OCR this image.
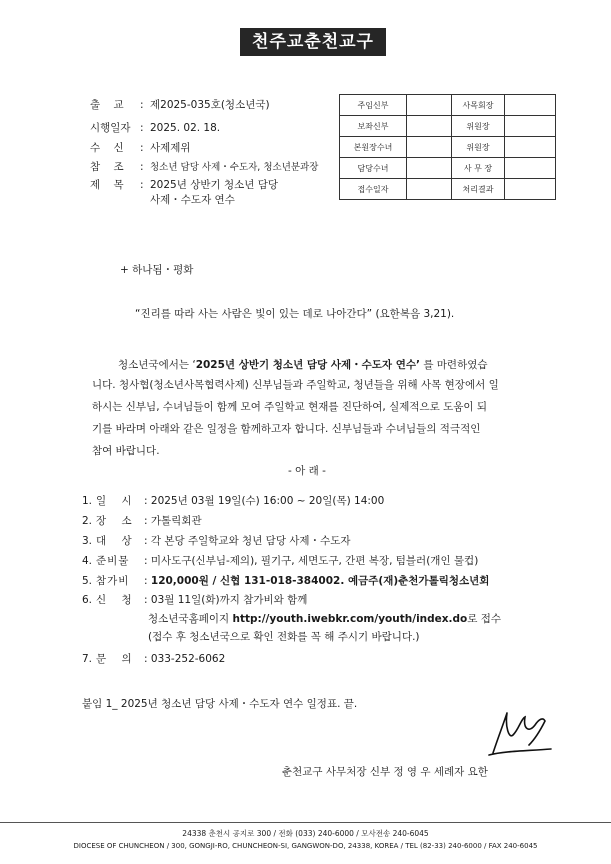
천주교춘천교구
출 교 : 제2025-035호(청소년국)
시행일자 : 2025. 02. 18.
수 신 : 사제제위
참 조 : 청소년 담당 사제・수도자, 청소년분과장
제 목 : 2025년 상반기 청소년 담당
사제・수도자 연수
주임신부		사목회장	
보좌신부		위원장	
본원장수녀		위원장	
담당수녀		사 무 장	
접수일자		처리결과	
+ 하나됨・평화
“진리를 따라 사는 사람은 빛이 있는 데로 나아간다” (요한복음 3,21).
청소년국에서는 ‘2025년 상반기 청소년 담당 사제・수도자 연수’ 를 마련하였습
니다. 청사협(청소년사목협력사제) 신부님들과 주일학교, 청년들을 위해 사목 현장에서 일
하시는 신부님, 수녀님들이 함께 모여 주일학교 현재를 진단하여, 실제적으로 도움이 되
기를 바라며 아래와 같은 일정을 함께하고자 합니다. 신부님들과 수녀님들의 적극적인
참여 바랍니다.
- 아 래 -
1. 일 시 : 2025년 03월 19일(수) 16:00 ~ 20일(목) 14:00
2. 장 소 : 가톨릭회관
3. 대 상 : 각 본당 주일학교와 청년 담당 사제・수도자
4. 준비물 : 미사도구(신부님-제의), 필기구, 세면도구, 간편 복장, 텀블러(개인 물컵)
5. 참가비 : 120,000원 / 신협 131-018-384002. 예금주(재)춘천가톨릭청소년회
6. 신 청 : 03월 11일(화)까지 참가비와 함께
청소년국홈페이지 http://youth.iwebkr.com/youth/index.do로 접수
(접수 후 청소년국으로 확인 전화를 꼭 해 주시기 바랍니다.)
7. 문 의 : 033-252-6062
붙임 1_ 2025년 청소년 담당 사제・수도자 연수 일정표. 끝.
춘천교구 사무처장 신부 정 영 우 세례자 요한
24338 춘천시 공지로 300 / 전화 (033) 240-6000 / 모사전송 240-6045
DIOCESE OF CHUNCHEON / 300, GONGJI-RO, CHUNCHEON-SI, GANGWON-DO, 24338, KOREA / TEL (82-33) 240-6000 / FAX 240-6045
